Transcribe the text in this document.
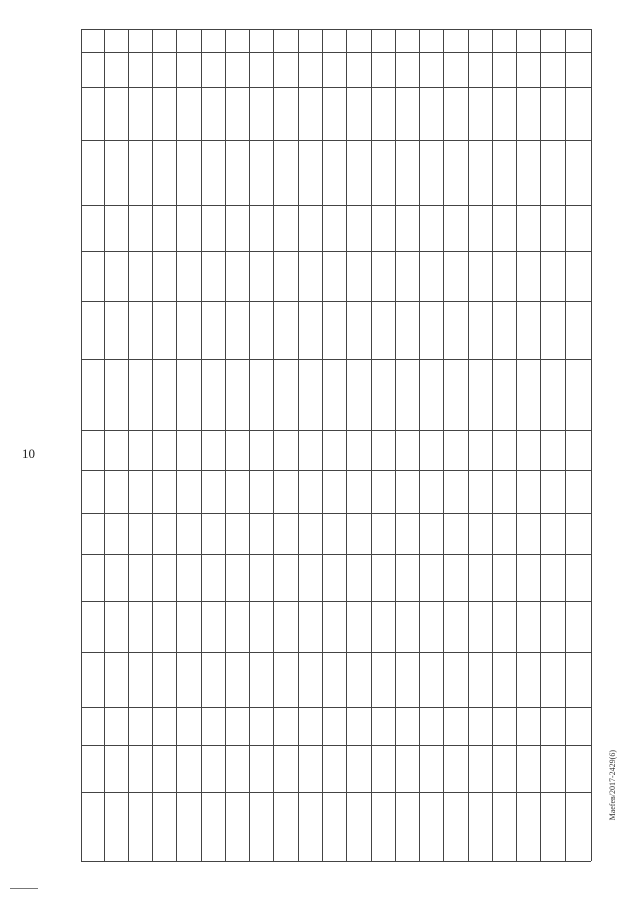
10
Маеfeв/2017-2429(6)
